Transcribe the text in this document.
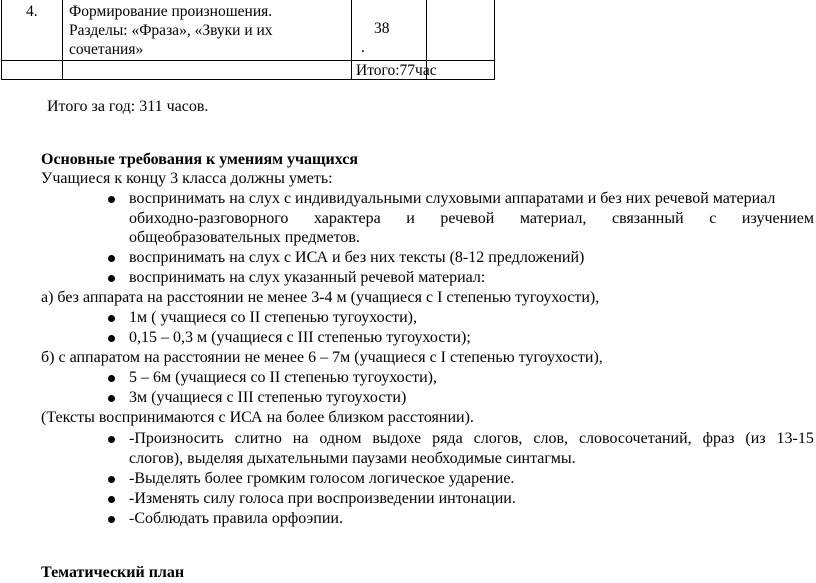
4. Формирование произношения.
Разделы: «Фраза», «Звуки и их
сочетания»
38
.
Итого:77час
Итого за год: 311 часов.
Основные требования к умениям учащихся
Учащиеся к концу 3 класса должны уметь:
воспринимать на слух с индивидуальными слуховыми аппаратами и без них речевой материал
обиходно-разговорного характера и речевой материал, связанный с изучением
общеобразовательных предметов.
воспринимать на слух с ИСА и без них тексты (8-12 предложений)
воспринимать на слух указанный речевой материал:
а) без аппарата на расстоянии не менее 3-4 м (учащиеся с I степенью тугоухости),
1м ( учащиеся со II степенью тугоухости),
0,15 – 0,3 м (учащиеся с III степенью тугоухости);
б) с аппаратом на расстоянии не менее 6 – 7м (учащиеся с I степенью тугоухости),
5 – 6м (учащиеся со II степенью тугоухости),
3м (учащиеся с III степенью тугоухости)
(Тексты воспринимаются с ИСА на более близком расстоянии).
-Произносить слитно на одном выдохе ряда слогов, слов, словосочетаний, фраз (из 13-15
слогов), выделяя дыхательными паузами необходимые синтагмы.
-Выделять более громким голосом логическое ударение.
-Изменять силу голоса при воспроизведении интонации.
-Соблюдать правила орфоэпии.
Тематический план
